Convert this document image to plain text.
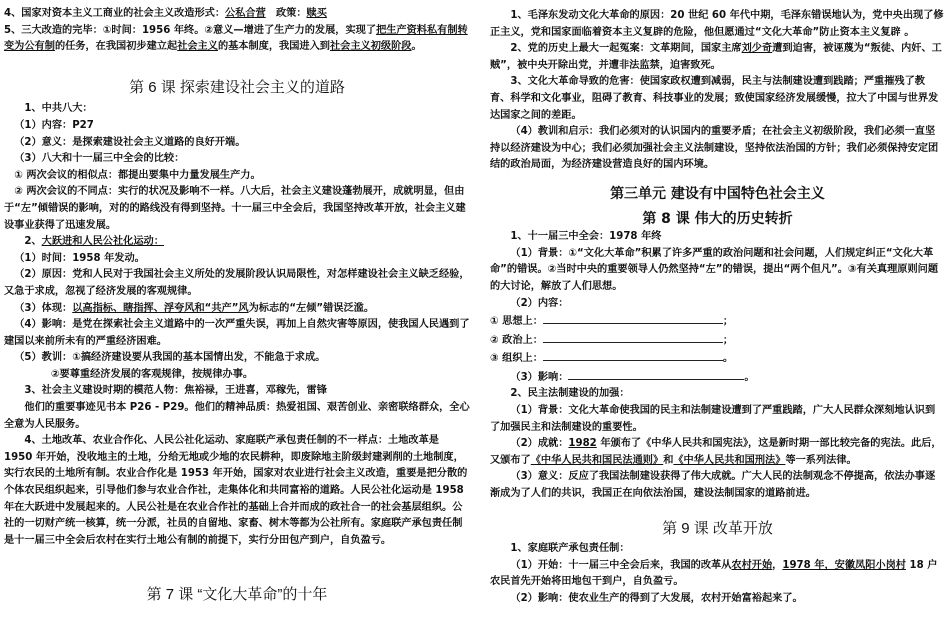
4、国家对资本主义工商业的社会主义改造形式：公私合营　政策：赎买

5、三大改造的完毕：①时间：1956 年终。②意义—增进了生产力的发展，实现了把生产资料私有制转变为公有制的任务，在我国初步建立起社会主义的基本制度，我国进入到社会主义初级阶段。

第 6 课 探索建设社会主义的道路

1、中共八大：

（1）内容：P27

（2）意义：是探索建设社会主义道路的良好开端。

（3）八大和十一届三中全会的比较：

① 两次会议的相似点：都提出要集中力量发展生产力。

② 两次会议的不同点：实行的状况及影响不一样。八大后，社会主义建设蓬勃展开，成就明显，但由于“左”倾错误的影响，对的的路线没有得到坚持。十一届三中全会后，我国坚持改革开放，社会主义建设事业获得了迅速发展。

2、大跃进和人民公社化运动：

（1）时间：1958 年发动。

（2）原因：党和人民对于我国社会主义所处的发展阶段认识局限性，对怎样建设社会主义缺乏经验，又急于求成，忽视了经济发展的客观规律。

（3）体现：以高指标、瞎指挥、浮夸风和“共产”风为标志的“左倾”错误泛滥。

（4）影响：是党在探索社会主义道路中的一次严重失误，再加上自然灾害等原因，使我国人民遇到了建国以来前所未有的严重经济困难。

（5）教训：①搞经济建设要从我国的基本国情出发，不能急于求成。

②要尊重经济发展的客观规律，按规律办事。

3、社会主义建设时期的模范人物：焦裕禄，王进喜，邓稼先，雷锋

他们的重要事迹见书本 P26 - P29。他们的精神品质：热爱祖国、艰苦创业、亲密联络群众，全心全意为人民服务。

4、土地改革、农业合作化、人民公社化运动、家庭联产承包责任制的不一样点：土地改革是 1950 年开始，没收地主的土地，分给无地或少地的农民耕种，即废除地主阶级封建剥削的土地制度，实行农民的土地所有制。农业合作化是 1953 年开始，国家对农业进行社会主义改造，重要是把分散的个体农民组织起来，引导他们参与农业合作社，走集体化和共同富裕的道路。人民公社化运动是 1958 年在大跃进中发展起来的。人民公社是在农业合作社的基础上合并而成的政社合一的社会基层组织。公社的一切财产统一核算，统一分派，社员的自留地、家畜、树木等都为公社所有。家庭联产承包责任制是十一届三中全会后农村在实行土地公有制的前提下，实行分田包产到户，自负盈亏。

第 7 课 “文化大革命”的十年

1、毛泽东发动文化大革命的原因：20 世纪 60 年代中期，毛泽东错误地认为，党中央出现了修正主义，党和国家面临着资本主义复辟的危险，他但愿通过“文化大革命”防止资本主义复辟 。

2、党的历史上最大一起冤案：文革期间，国家主席刘少奇遭到迫害，被诬蔑为“叛徒、内奸、工贼”，被中央开除出党，并遭非法监禁，迫害致死。

3、文化大革命导致的危害：使国家政权遭到减弱，民主与法制建设遭到践踏；严重摧残了教育、科学和文化事业，阻碍了教育、科技事业的发展；致使国家经济发展缓慢，拉大了中国与世界发达国家之间的差距。

（4）教训和启示：我们必须对的认识国内的重要矛盾；在社会主义初级阶段，我们必须一直坚持以经济建设为中心；我们必须加强社会主义法制建设，坚持依法治国的方针；我们必须保持安定团结的政治局面，为经济建设营造良好的国内环境。

第三单元 建设有中国特色社会主义

第 8 课 伟大的历史转折

1、十一届三中全会：1978 年终

（1）背景：①“文化大革命”积累了许多严重的政治问题和社会问题，人们规定纠正“文化大革命”的错误。②当时中央的重要领导人仍然坚持“左”的错误，提出“两个但凡”。③有关真理原则问题的大讨论，解放了人们思想。

（2）内容：

① 思想上：	；

② 政治上：	；

③ 组织上：	。

（3）影响：	。

2、民主法制建设的加强：

（1）背景：文化大革命使我国的民主和法制建设遭到了严重践踏，广大人民群众深刻地认识到了加强民主和法制建设的重要性。

（2）成就：1982 年颁布了《中华人民共和国宪法》，这是新时期一部比较完备的宪法。此后，又颁布了《中华人民共和国民法通则》和《中华人民共和国刑法》等一系列法律。

（3）意义：反应了我国法制建设获得了伟大成就。广大人民的法制观念不停提高，依法办事逐渐成为了人们的共识，我国正在向依法治国，建设法制国家的道路前进。

第 9 课 改革开放

1、家庭联产承包责任制：

（1）开始：十一届三中全会后来，我国的改革从农村开始，1978 年，安徽凤阳小岗村 18 户农民首先开始将田地包干到户，自负盈亏。

（2）影响：使农业生产的得到了大发展，农村开始富裕起来了。
